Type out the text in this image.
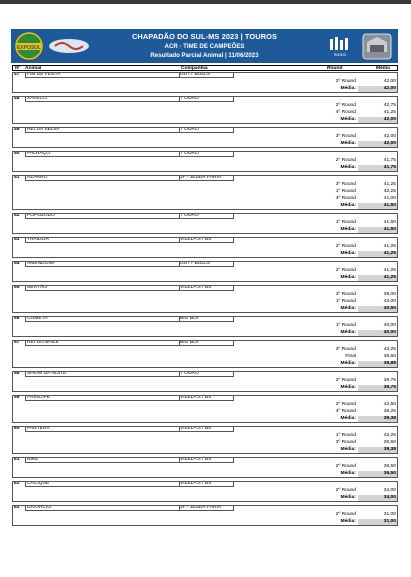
EXPOSUL
CHAPADÃO DO SUL-MS 2023 | TOUROS
ACR - TIME DE CAMPEÕES
Resultado Parcial Animal | 11/06/2023	RODEIO
Nº Animal	Companhia	Round	Média
47 FIM DE FESTA	GUTT BULLS
2º Round	42,00
Média:	42,00
48 XAVECO	7 OURO
2º Round	42,75
4º Round	41,25
Média:	42,00
49 REI DA SELVA	7 OURO
3º Round	42,00
Média:	42,00
50 PALHAÇO	7 OURO
2º Round	41,75
Média:	41,75
51 AZARRO	JF - JEDER FARIA
3º Round	41,25
1º Round	42,25
4º Round	41,00
Média:	41,50
52 POPOZUDO	7 OURO
1º Round	41,50
Média:	41,50
53 TRAIDOR	VILELA'S / BX
2º Round	41,25
Média:	41,25
54 AMENDOIM	GUTT BULLS
2º Round	41,25
Média:	41,25
55 SERTÃO	VILELA'S / BX
3º Round	38,00
1º Round	43,00
Média:	40,50
56 COMETA	BIG BOI
1º Round	40,00
Média:	40,00
57 REI DO BAILE	BIG BOI
3º Round	43,25
Final	36,50
Média:	39,88
58 SHOW DA NOITE	7 OURO
2º Round	39,75
Média:	39,75
59 PRÍNCIPE	VILELA'S / BX
2º Round	42,50
4º Round	36,25
Média:	39,38
60 PANTERA	VILELA'S / BX
1º Round	42,25
3º Round	36,50
Média:	39,38
61 NIKE	VILELA'S / BX
2º Round	36,50
Média:	36,50
62 CACIQUE	VILELA'S / BX
2º Round	34,00
Média:	34,00
63 DIVORCIO	JF - JEDER FARIA
2º Round	31,00
Média:	31,00
